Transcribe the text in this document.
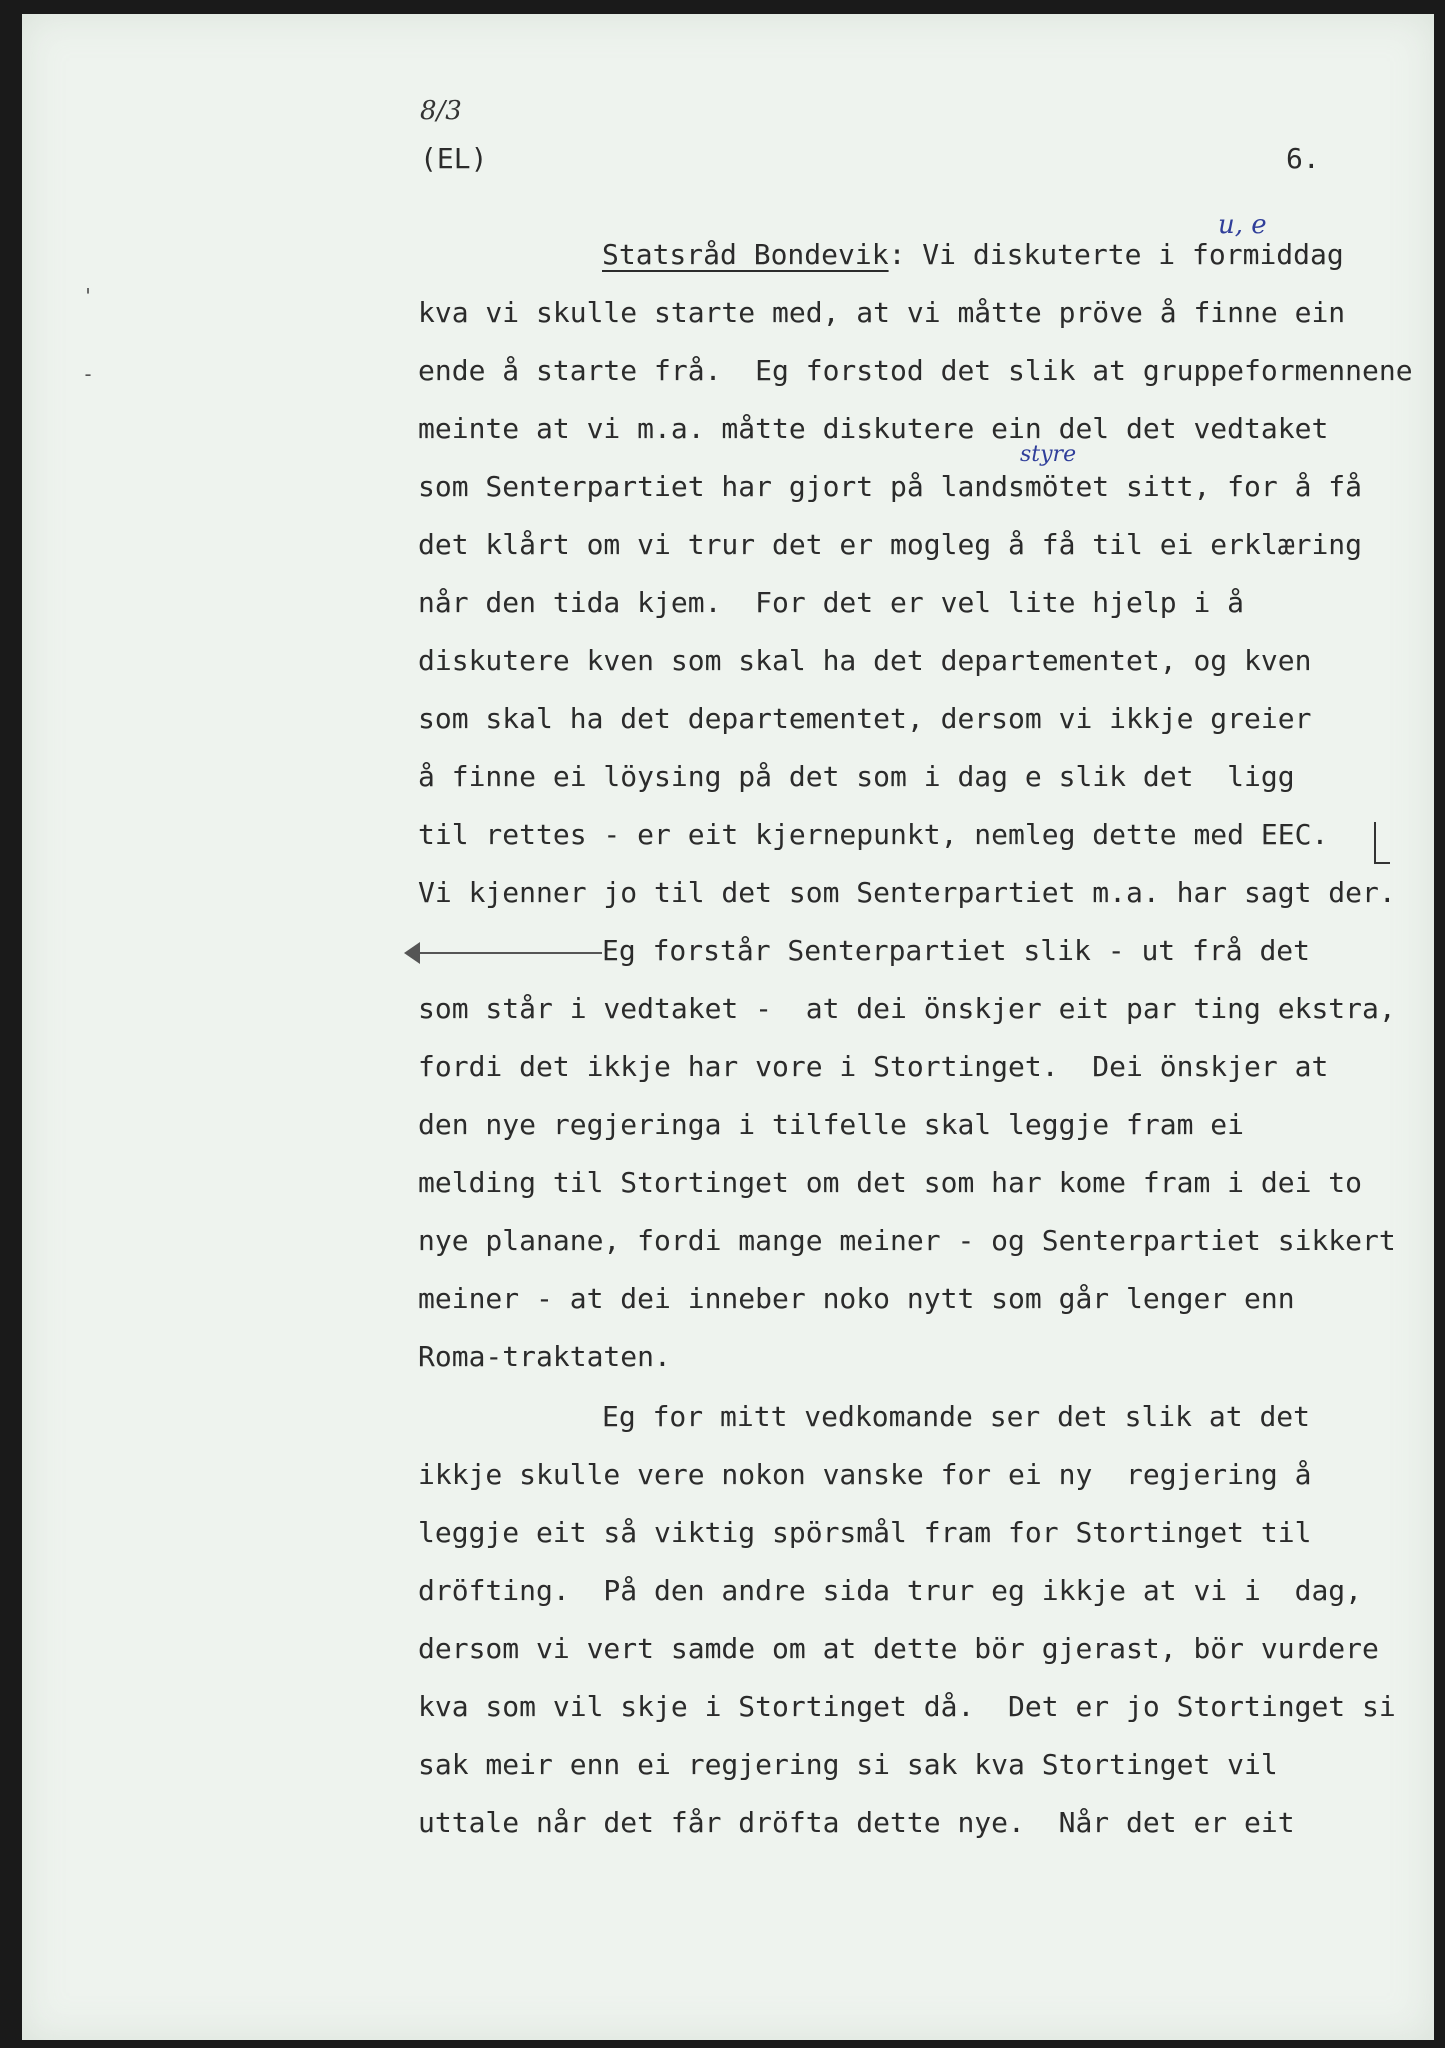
8/3
(EL)	6.
'
-
u, e
styre
Statsråd Bondevik: Vi diskuterte i formiddag
kva vi skulle starte med, at vi måtte pröve å finne ein
ende å starte frå.  Eg forstod det slik at gruppeformennene
meinte at vi m.a. måtte diskutere ein del det vedtaket
som Senterpartiet har gjort på landsmötet sitt, for å få
det klårt om vi trur det er mogleg å få til ei erklæring
når den tida kjem.  For det er vel lite hjelp i å
diskutere kven som skal ha det departementet, og kven
som skal ha det departementet, dersom vi ikkje greier
å finne ei löysing på det som i dag e slik det  ligg
til rettes - er eit kjernepunkt, nemleg dette med EEC.
Vi kjenner jo til det som Senterpartiet m.a. har sagt der.
Eg forstår Senterpartiet slik - ut frå det
som står i vedtaket -  at dei önskjer eit par ting ekstra,
fordi det ikkje har vore i Stortinget.  Dei önskjer at
den nye regjeringa i tilfelle skal leggje fram ei
melding til Stortinget om det som har kome fram i dei to
nye planane, fordi mange meiner - og Senterpartiet sikkert
meiner - at dei inneber noko nytt som går lenger enn
Roma-traktaten.
Eg for mitt vedkomande ser det slik at det
ikkje skulle vere nokon vanske for ei ny  regjering å
leggje eit så viktig spörsmål fram for Stortinget til
dröfting.  På den andre sida trur eg ikkje at vi i  dag,
dersom vi vert samde om at dette bör gjerast, bör vurdere
kva som vil skje i Stortinget då.  Det er jo Stortinget si
sak meir enn ei regjering si sak kva Stortinget vil
uttale når det får dröfta dette nye.  Når det er eit
